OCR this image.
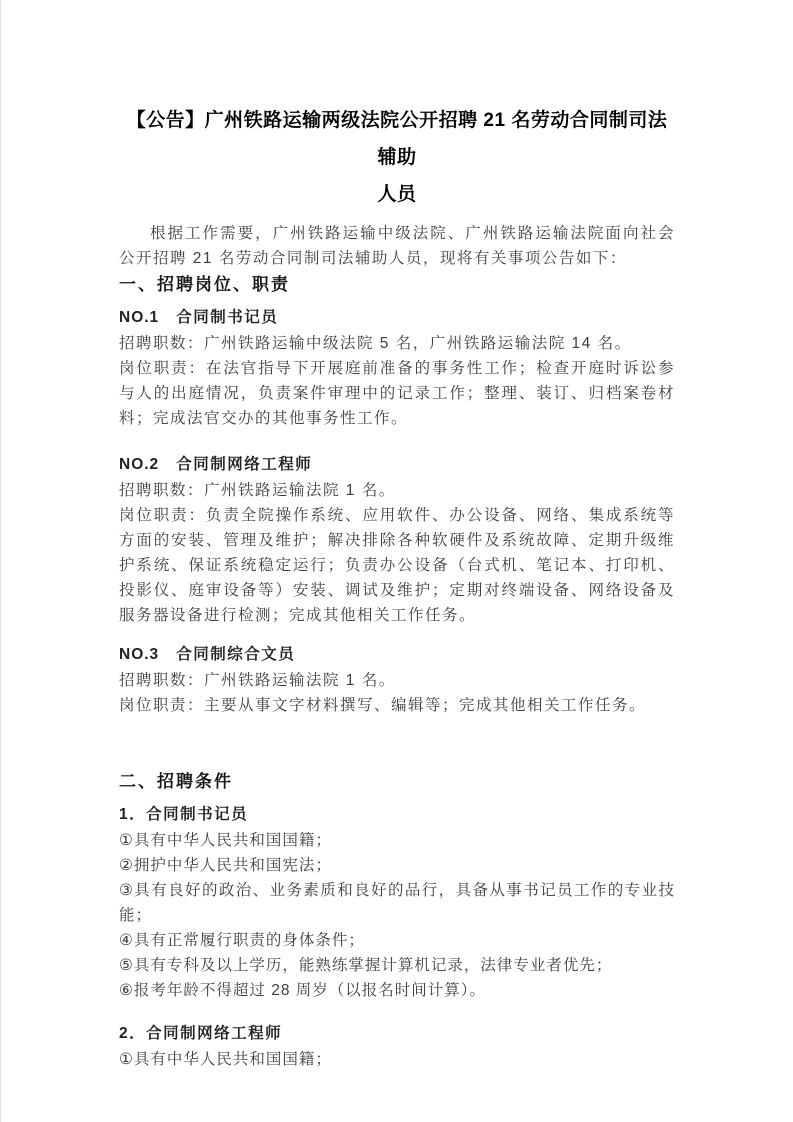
【公告】广州铁路运输两级法院公开招聘 21 名劳动合同制司法辅助
人员

根据工作需要，广州铁路运输中级法院、广州铁路运输法院面向社会公开招聘 21 名劳动合同制司法辅助人员，现将有关事项公告如下：

一、招聘岗位、职责
NO.1 合同制书记员

招聘职数：广州铁路运输中级法院 5 名，广州铁路运输法院 14 名。

岗位职责：在法官指导下开展庭前准备的事务性工作；检查开庭时诉讼参与人的出庭情况，负责案件审理中的记录工作；整理、装订、归档案卷材料；完成法官交办的其他事务性工作。

NO.2 合同制网络工程师

招聘职数：广州铁路运输法院 1 名。

岗位职责：负责全院操作系统、应用软件、办公设备、网络、集成系统等方面的安装、管理及维护；解决排除各种软硬件及系统故障、定期升级维护系统、保证系统稳定运行；负责办公设备（台式机、笔记本、打印机、投影仪、庭审设备等）安装、调试及维护；定期对终端设备、网络设备及服务器设备进行检测；完成其他相关工作任务。

NO.3 合同制综合文员

招聘职数：广州铁路运输法院 1 名。

岗位职责：主要从事文字材料撰写、编辑等；完成其他相关工作任务。

二、招聘条件
1．合同制书记员

①具有中华人民共和国国籍；

②拥护中华人民共和国宪法；

③具有良好的政治、业务素质和良好的品行，具备从事书记员工作的专业技能；

④具有正常履行职责的身体条件；

⑤具有专科及以上学历，能熟练掌握计算机记录，法律专业者优先；

⑥报考年龄不得超过 28 周岁（以报名时间计算）。

2．合同制网络工程师

①具有中华人民共和国国籍；
